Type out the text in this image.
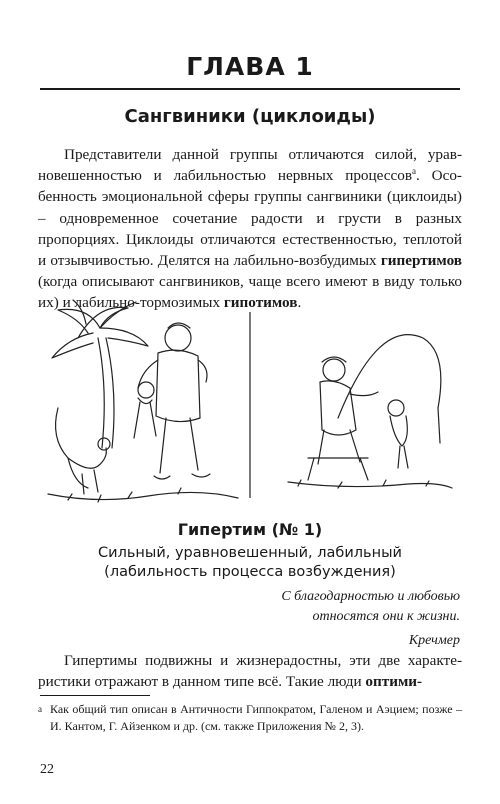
ГЛАВА 1
Сангвиники (циклоиды)

Представители данной группы отличаются силой, уравновешенностью и лабильностью нервных процессов$^a$. Особенность эмоциональной сферы группы сангвиники (циклоиды) – одновременное сочетание радости и грусти в разных пропорциях. Циклоиды отличаются естественностью, теплотой и отзывчивостью. Делятся на лабильно-возбудимых гипертимов (когда описывают сангвиников, чаще всего имеют в виду только их) и лабильно-тормозимых гипотимов.

Гипертим (№ 1)
Сильный, уравновешенный, лабильный
(лабильность процесса возбуждения)
С благодарностью и любовью
относятся они к жизни.
Кречмер

Гипертимы подвижны и жизнерадостны, эти две характеристики отражают в данном типе всё. Такие люди оптими-

a Как общий тип описан в Античности Гиппократом, Галеном и Аэцием; позже – И. Кантом, Г. Айзенком и др. (см. также Приложения № 2, 3).
22
